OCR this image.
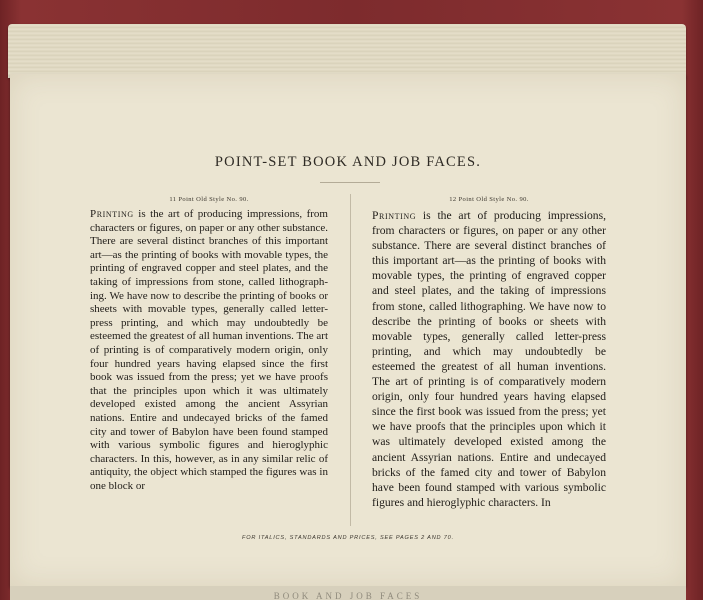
POINT-SET BOOK AND JOB FACES.
11 Point Old Style No. 90.	12 Point Old Style No. 90.

Printing is the art of producing impressions, from characters or figures, on paper or any other substance. There are several distinct branches of this important art—as the printing of books with movable types, the printing of engraved copper and steel plates, and the taking of impressions from stone, called lithographing. We have now to describe the printing of books or sheets with movable types, generally called letter-press printing, and which may undoubtedly be esteemed the greatest of all human inventions. The art of printing is of comparatively modern origin, only four hundred years having elapsed since the first book was issued from the press; yet we have proofs that the principles upon which it was ultimately developed existed among the ancient Assyrian nations. Entire and undecayed bricks of the famed city and tower of Babylon have been found stamped with various symbolic figures and hieroglyphic characters. In this, however, as in any similar relic of antiquity, the object which stamped the figures was in one block or

Printing is the art of producing impressions, from characters or figures, on paper or any other substance. There are several distinct branches of this important art—as the printing of books with movable types, the printing of engraved copper and steel plates, and the taking of impressions from stone, called lithographing. We have now to describe the printing of books or sheets with movable types, generally called letter-press printing, and which may undoubtedly be esteemed the greatest of all human inventions. The art of printing is of comparatively modern origin, only four hundred years having elapsed since the first book was issued from the press; yet we have proofs that the principles upon which it was ultimately developed existed among the ancient Assyrian nations. Entire and undecayed bricks of the famed city and tower of Babylon have been found stamped with various symbolic figures and hieroglyphic characters. In

FOR ITALICS, STANDARDS AND PRICES, SEE PAGES 2 AND 70.
BOOK AND JOB FACES
